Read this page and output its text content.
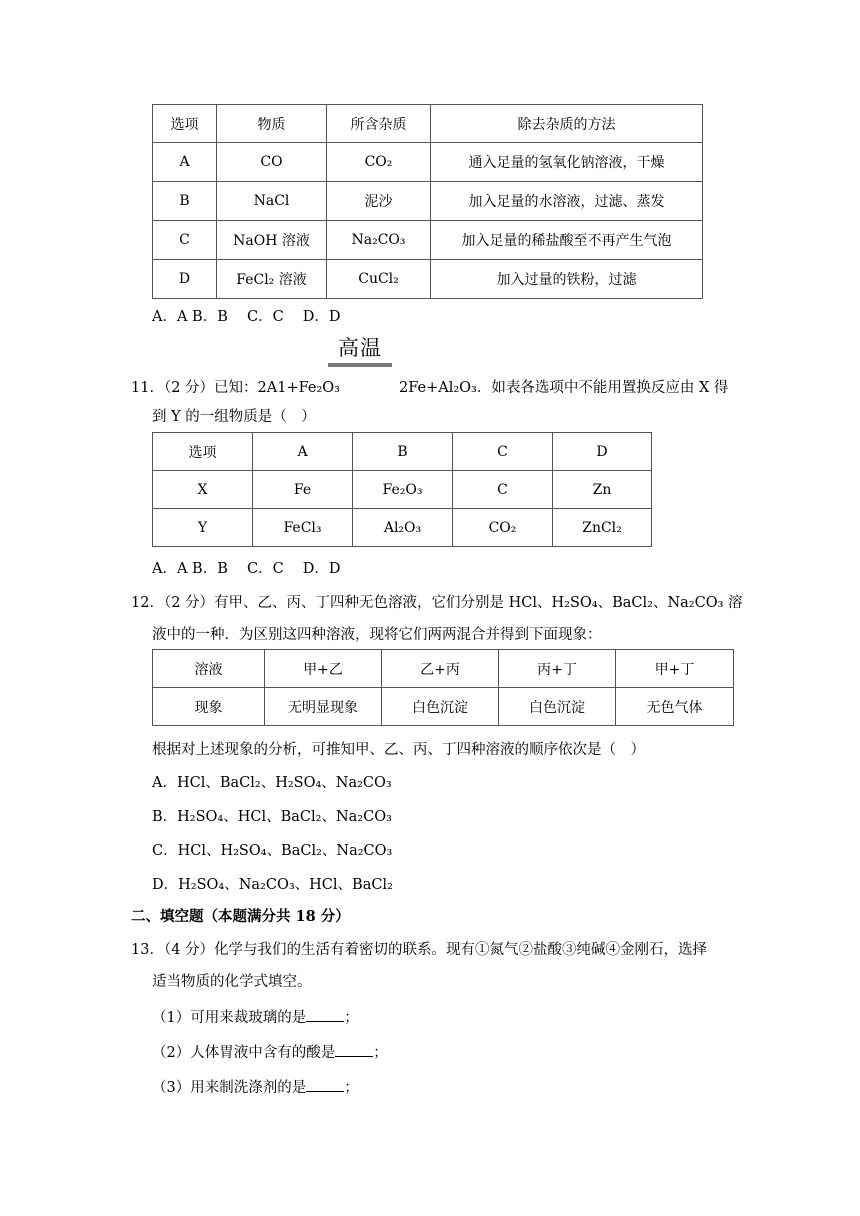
选项	物质	所含杂质	除去杂质的方法
A	CO	CO₂	通入足量的氢氧化钠溶液，干燥
B	NaCl	泥沙	加入足量的水溶液，过滤、蒸发
C	NaOH 溶液	Na₂CO₃	加入足量的稀盐酸至不再产生气泡
D	FeCl₂ 溶液	CuCl₂	加入过量的铁粉，过滤
A．A B．B　 C．C　 D．D
高温
11．（2 分）已知：2A1+Fe₂O₃	2Fe+Al₂O₃．如表各选项中不能用置换反应由 X 得
到 Y 的一组物质是（　）
选项	A	B	C	D
X	Fe	Fe₂O₃	C	Zn
Y	FeCl₃	Al₂O₃	CO₂	ZnCl₂
A．A B．B　 C．C　 D．D
12．（2 分）有甲、乙、丙、丁四种无色溶液，它们分别是 HCl、H₂SO₄、BaCl₂、Na₂CO₃ 溶
液中的一种．为区别这四种溶液，现将它们两两混合并得到下面现象：
溶液	甲+乙	乙+丙	丙+丁	甲+丁
现象	无明显现象	白色沉淀	白色沉淀	无色气体
根据对上述现象的分析，可推知甲、乙、丙、丁四种溶液的顺序依次是（　）
A．HCl、BaCl₂、H₂SO₄、Na₂CO₃
B．H₂SO₄、HCl、BaCl₂、Na₂CO₃
C．HCl、H₂SO₄、BaCl₂、Na₂CO₃
D．H₂SO₄、Na₂CO₃、HCl、BaCl₂
二、填空题（本题满分共 18 分）
13．（4 分）化学与我们的生活有着密切的联系。现有①氮气②盐酸③纯碱④金刚石，选择
适当物质的化学式填空。
（1）可用来裁玻璃的是	；
（2）人体胃液中含有的酸是	；
（3）用来制洗涤剂的是	；
